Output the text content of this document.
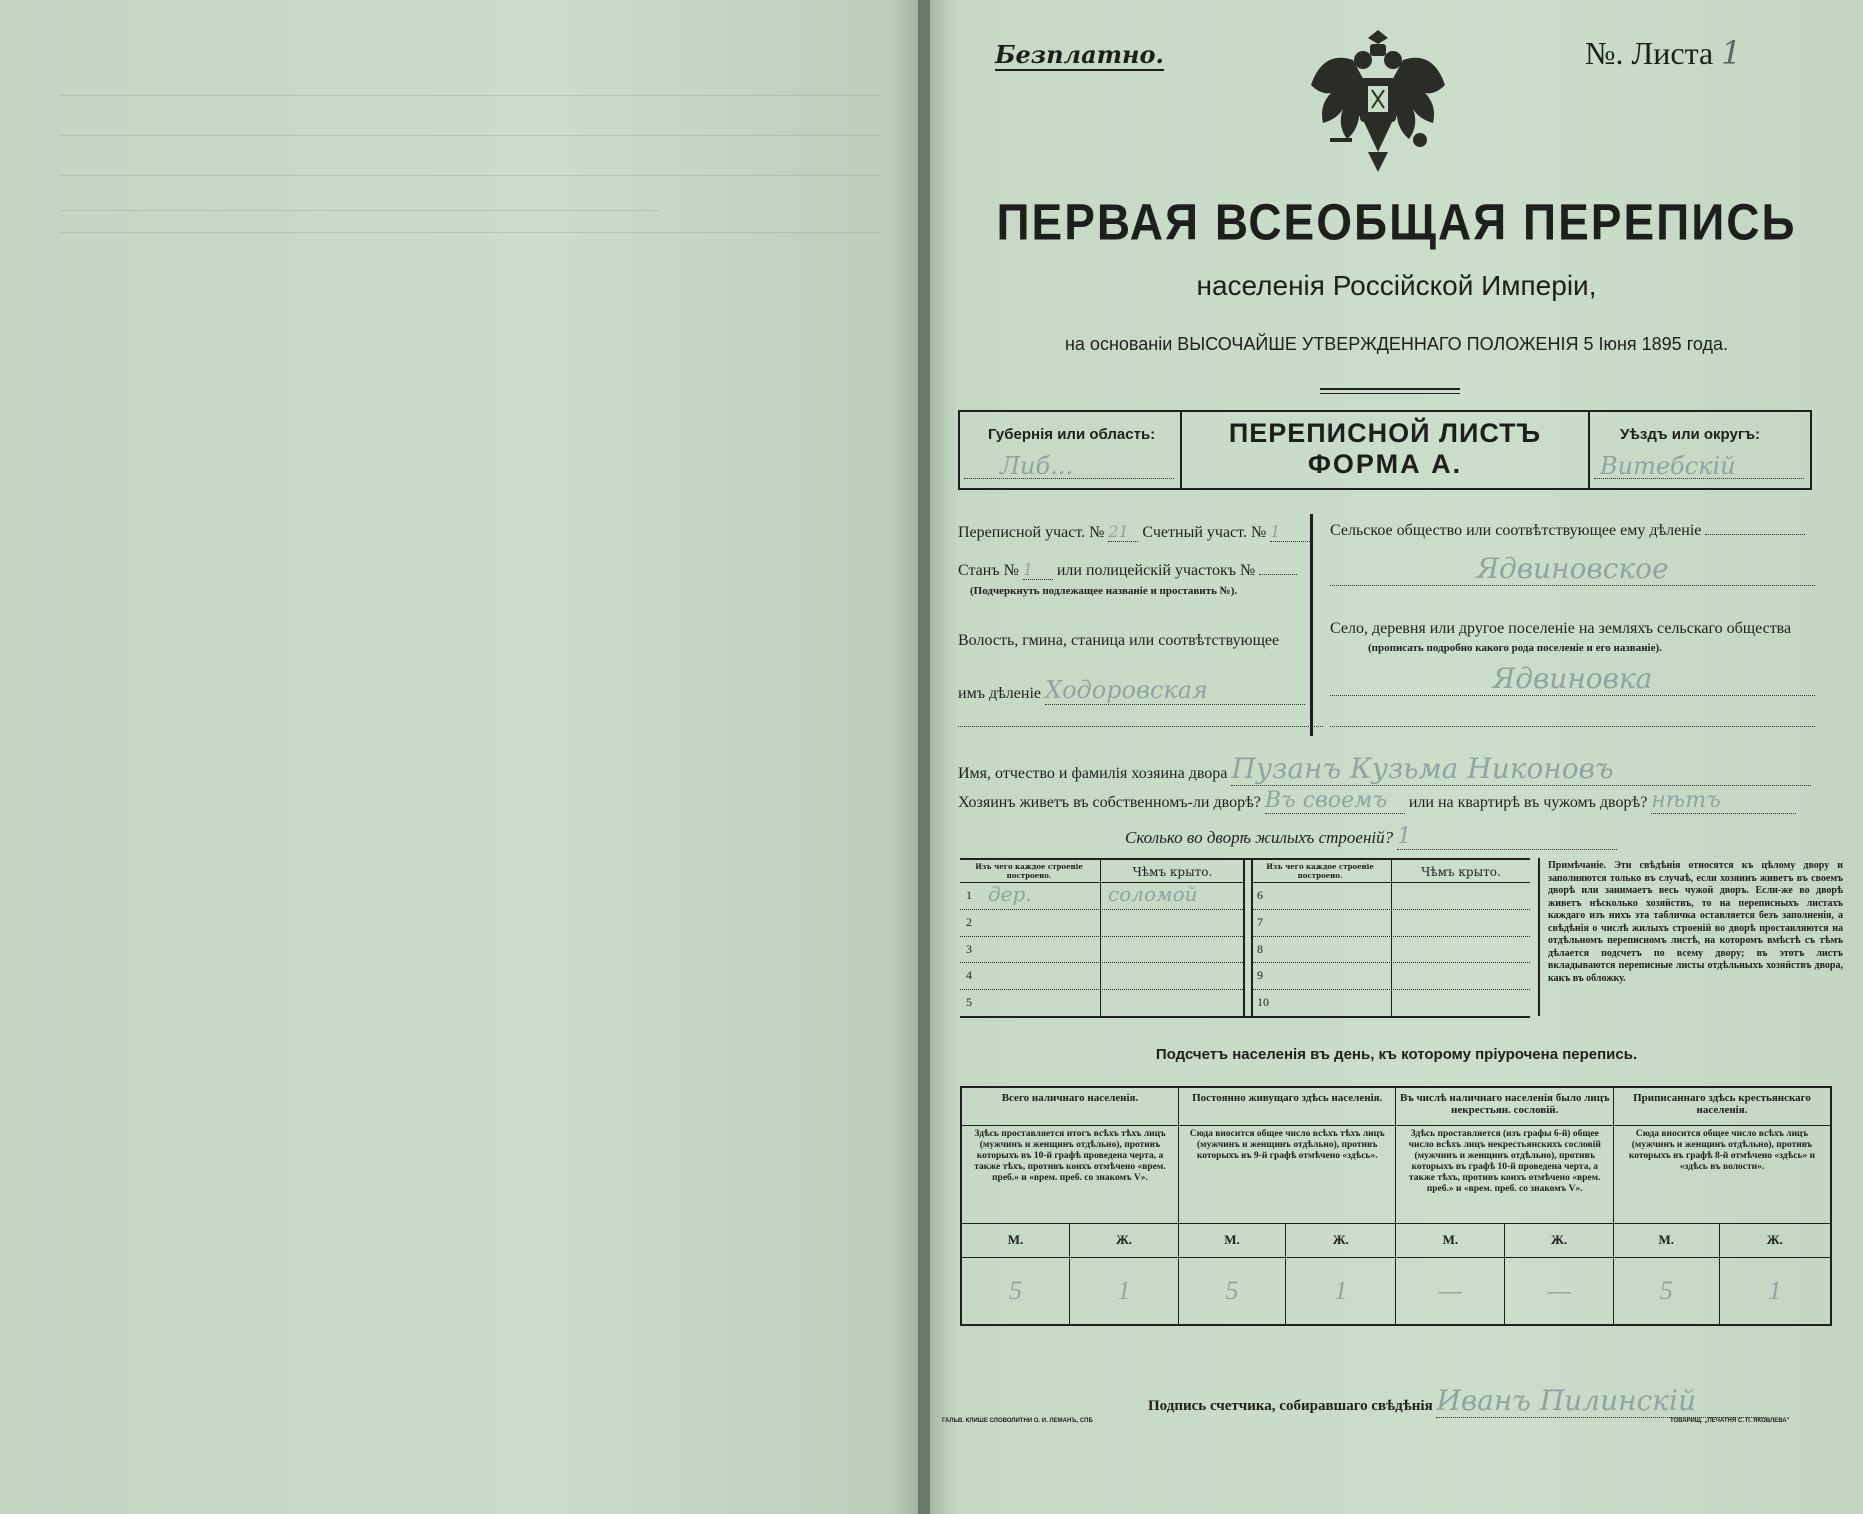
Безплатно.	№. Листа 1
ПЕРВАЯ ВСЕОБЩАЯ ПЕРЕПИСЬ
населенія Россійской Имперіи,
на основаніи ВЫСОЧАЙШЕ УТВЕРЖДЕННАГО ПОЛОЖЕНІЯ 5 Іюня 1895 года.
Губернія или область:
Либ...
ПЕРЕПИСНОЙ ЛИСТЪ
ФОРМА А.
Уѣздъ или округъ:
Витебскій
Переписной участ. № 21 Счетный участ. № 1
Станъ № 1 или полицейскій участокъ №
(Подчеркнуть подлежащее названіе и проставить №).
Волость, гмина, станица или соотвѣтствующее
имъ дѣленіе Ходоровская
Сельское общество или соотвѣтствующее ему дѣленіе
Ядвиновское
Село, деревня или другое поселеніе на земляхъ сельскаго общества
(прописать подробно какого рода поселеніе и его названіе).
Ядвиновка
Имя, отчество и фамилія хозяина двора Пузанъ Кузьма Никоновъ
Хозяинъ живетъ въ собственномъ-ли дворѣ? Въ своемъ или на квартирѣ въ чужомъ дворѣ? нѣтъ
Сколько во дворѣ жилыхъ строеній? 1
Изъ чего каждое строеніе построено.	Чѣмъ крыто.
1 дер.	соломой
2
3
4
5
Изъ чего каждое строеніе построено.	Чѣмъ крыто.
6
7
8
9
10
Примѣчаніе. Эти свѣдѣнія относятся къ цѣлому двору и заполняются только въ случаѣ, если хозяинъ живетъ въ своемъ дворѣ или занимаетъ весь чужой дворъ. Если-же во дворѣ живетъ нѣсколько хозяйствъ, то на переписныхъ листахъ каждаго изъ нихъ эта табличка оставляется безъ заполненія, а свѣдѣнія о числѣ жилыхъ строеній во дворѣ проставляются на отдѣльномъ переписномъ листѣ, на которомъ вмѣстѣ съ тѣмъ дѣлается подсчетъ по всему двору; въ этотъ листъ вкладываются переписные листы отдѣльныхъ хозяйствъ двора, какъ въ обложку.
Подсчетъ населенія въ день, къ которому пріурочена перепись.
Всего наличнаго населенія.		Постоянно живущаго здѣсь населенія.		Въ числѣ наличнаго населенія было лицъ некрестьян. сословій.		Приписаннаго здѣсь крестьянскаго населенія.	
Здѣсь проставляется итогъ всѣхъ тѣхъ лицъ (мужчинъ и женщинъ отдѣльно), противъ которыхъ въ 10-й графѣ проведена черта, а также тѣхъ, противъ конхъ отмѣчено «врем. преб.» и «врем. преб. со знакомъ V».		Сюда вносится общее число всѣхъ тѣхъ лицъ (мужчинъ и женщинъ отдѣльно), противъ которыхъ въ 9-й графѣ отмѣчено «здѣсь».		Здѣсь проставляется (изъ графы 6-й) общее число всѣхъ лицъ некрестьянскихъ сословій (мужчинъ и женщинъ отдѣльно), противъ которыхъ въ графѣ 10-й проведена черта, а также тѣхъ, противъ конхъ отмѣчено «врем. преб.» и «врем. преб. со знакомъ V».		Сюда вносится общее число всѣхъ лицъ (мужчинъ и женщинъ отдѣльно), противъ которыхъ въ графѣ 8-й отмѣчено «здѣсь» и «здѣсь въ волости».	
М.	Ж.	М.	Ж.	М.	Ж.	М.	Ж.
5	1	5	1	—	—	5	1
Подпись счетчика, собиравшаго свѣдѣнія Иванъ Пилинскій
ГАЛЬВ. КЛИШЕ СЛОВОЛИТНИ О. И. ЛЕМАНЪ, СПБ	ТОВАРИЩ. „ПЕЧАТНЯ С. П. ЯКОВЛЕВА"
